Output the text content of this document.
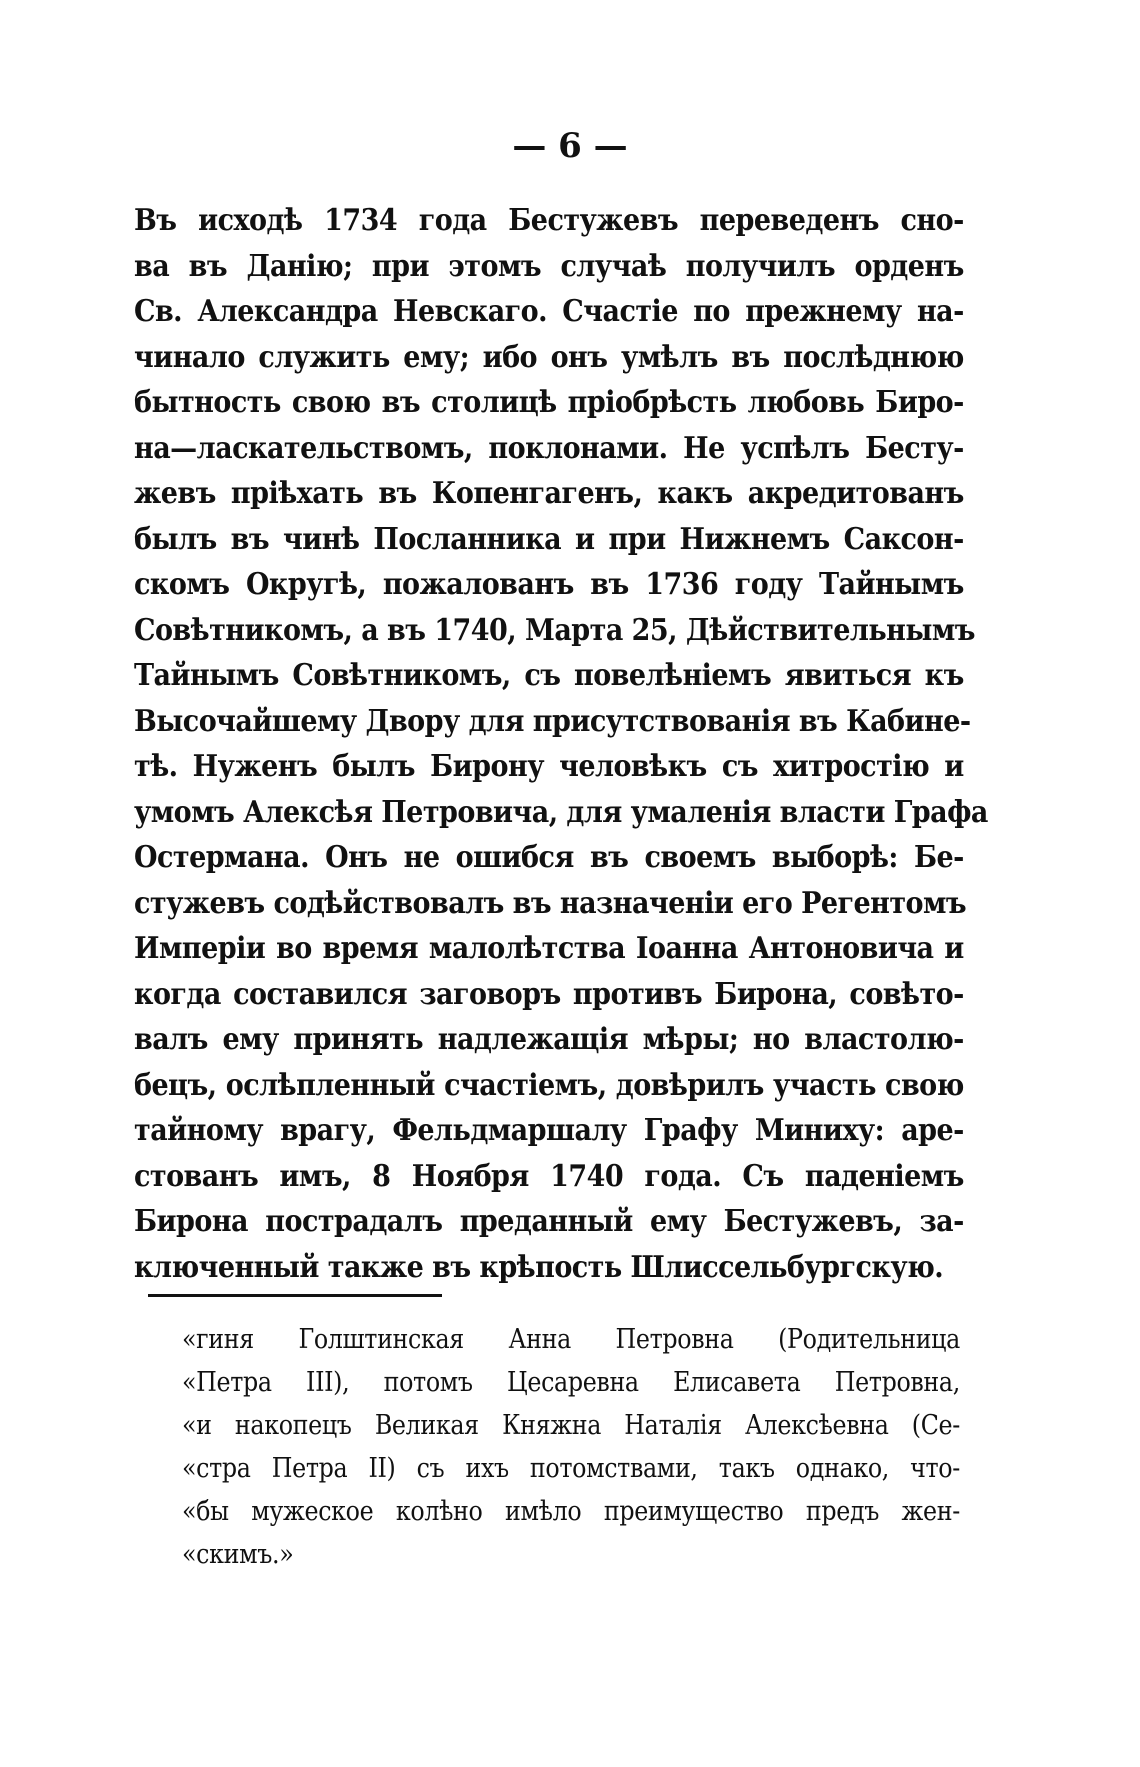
— 6 —
Въ исходѣ 1734 года Бестужевъ переведенъ сно-
ва въ Данію; при этомъ случаѣ получилъ орденъ
Св. Александра Невскаго. Счастіе по прежнему на-
чинало служить ему; ибо онъ умѣлъ въ послѣднюю
бытность свою въ столицѣ пріобрѣсть любовь Биро-
на—ласкательствомъ, поклонами. Не успѣлъ Бесту-
жевъ пріѣхать въ Копенгагенъ, какъ акредитованъ
былъ въ чинѣ Посланника и при Нижнемъ Саксон-
скомъ Округѣ, пожалованъ въ 1736 году Тайнымъ
Совѣтникомъ, а въ 1740, Марта 25, Дѣйствительнымъ
Тайнымъ Совѣтникомъ, съ повелѣніемъ явиться къ
Высочайшему Двору для присутствованія въ Кабине-
тѣ. Нуженъ былъ Бирону человѣкъ съ хитростію и
умомъ Алексѣя Петровича, для умаленія власти Графа
Остермана. Онъ не ошибся въ своемъ выборѣ: Бе-
стужевъ содѣйствовалъ въ назначеніи его Регентомъ
Имперіи во время малолѣтства Іоанна Антоновича и
когда составился заговоръ противъ Бирона, совѣто-
валъ ему принять надлежащія мѣры; но властолю-
бецъ, ослѣпленный счастіемъ, довѣрилъ участь свою
тайному врагу, Фельдмаршалу Графу Миниху: аре-
стованъ имъ, 8 Ноября 1740 года. Съ паденіемъ
Бирона пострадалъ преданный ему Бестужевъ, за-
ключенный также въ крѣпость Шлиссельбургскую.
«гиня Голштинская Анна Петровна (Родительница
«Петра III), потомъ Цесаревна Елисавета Петровна,
«и накопецъ Великая Княжна Наталія Алексѣевна (Се-
«стра Петра II) съ ихъ потомствами, такъ однако, что-
«бы мужеское колѣно имѣло преимущество предъ жен-
«скимъ.»
